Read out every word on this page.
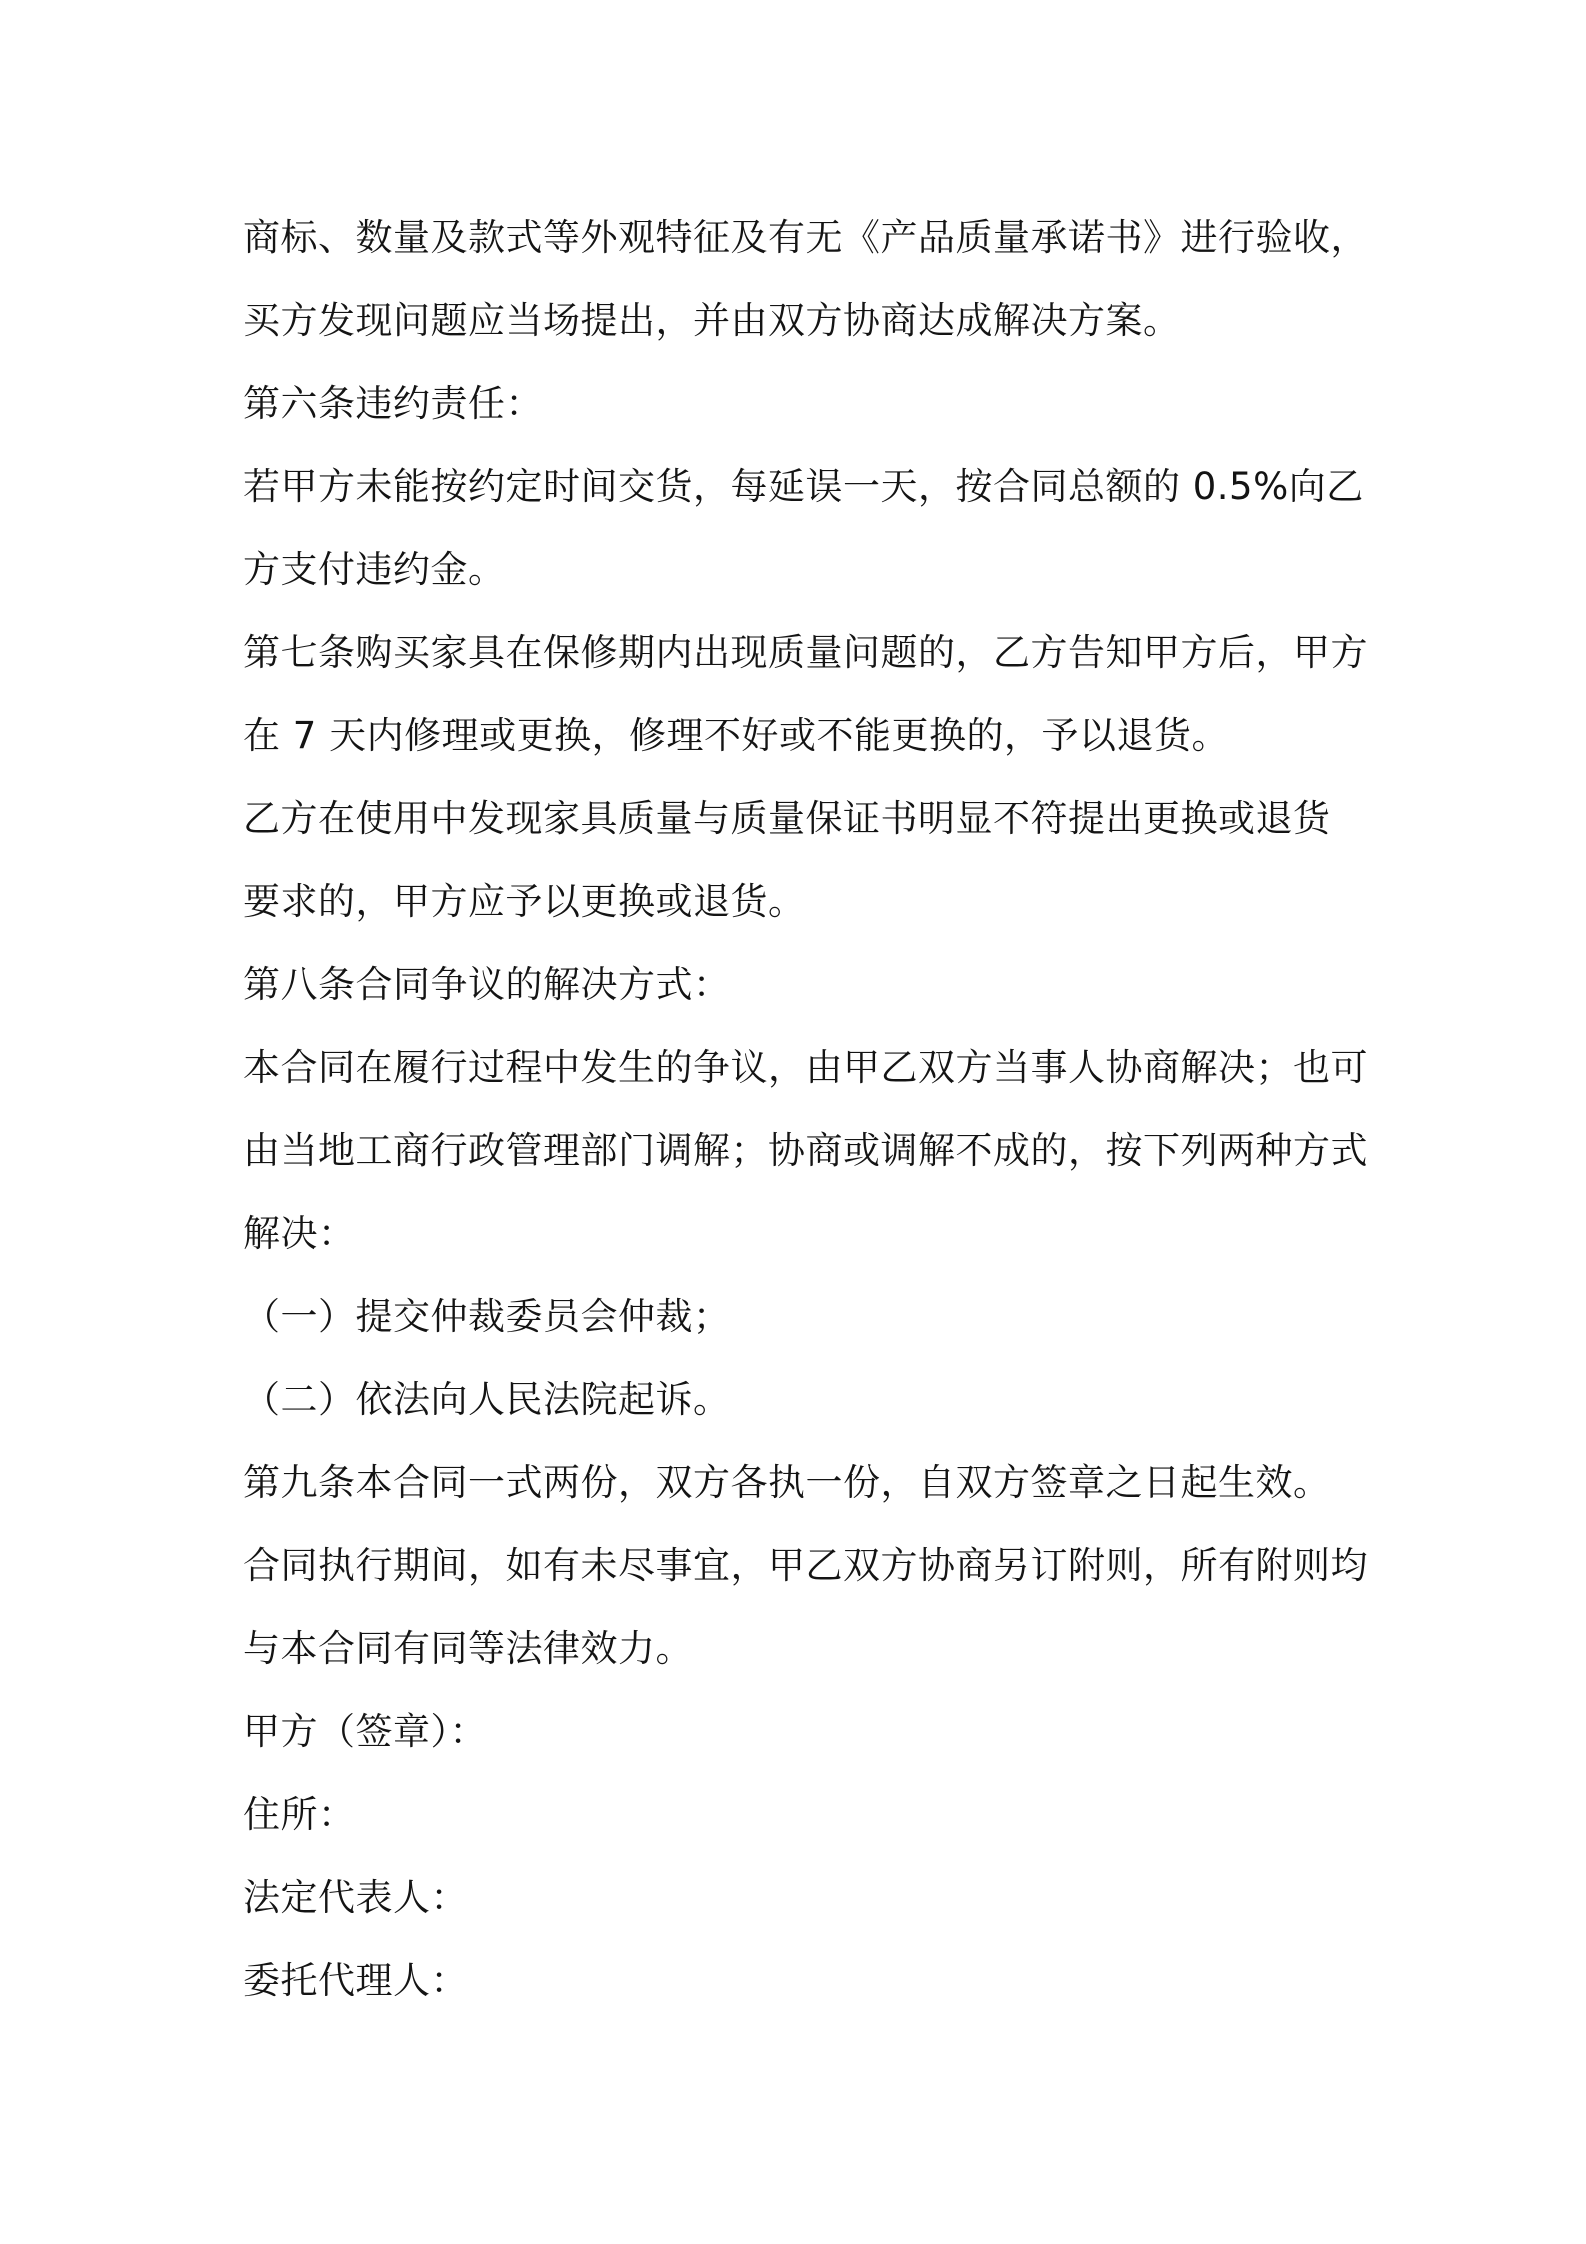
商标、数量及款式等外观特征及有无《产品质量承诺书》进行验收，
买方发现问题应当场提出，并由双方协商达成解决方案。
第六条违约责任：
若甲方未能按约定时间交货，每延误一天，按合同总额的 0.5%向乙
方支付违约金。
第七条购买家具在保修期内出现质量问题的，乙方告知甲方后，甲方
在 7 天内修理或更换，修理不好或不能更换的，予以退货。
乙方在使用中发现家具质量与质量保证书明显不符提出更换或退货
要求的，甲方应予以更换或退货。
第八条合同争议的解决方式：
本合同在履行过程中发生的争议，由甲乙双方当事人协商解决；也可
由当地工商行政管理部门调解；协商或调解不成的，按下列两种方式
解决：
（一）提交仲裁委员会仲裁；
（二）依法向人民法院起诉。
第九条本合同一式两份，双方各执一份，自双方签章之日起生效。
合同执行期间，如有未尽事宜，甲乙双方协商另订附则，所有附则均
与本合同有同等法律效力。
甲方（签章）：
住所：
法定代表人：
委托代理人：
